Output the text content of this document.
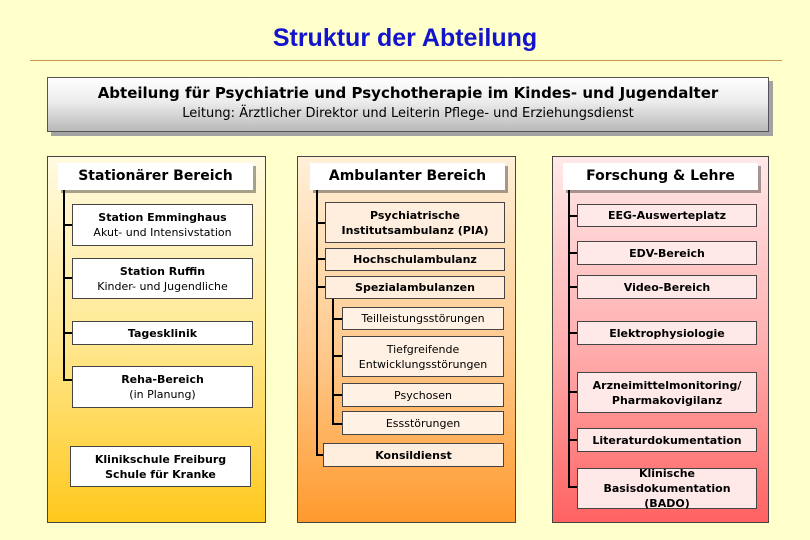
Struktur der Abteilung
Abteilung für Psychiatrie und Psychotherapie im Kindes- und Jugendalter
Leitung: Ärztlicher Direktor und Leiterin Pflege- und Erziehungsdienst
Stationärer Bereich
Station Emminghaus
Akut- und Intensivstation
Station Ruffin
Kinder- und Jugendliche
Tagesklinik
Reha-Bereich
(in Planung)
Klinikschule Freiburg
Schule für Kranke
Ambulanter Bereich
Psychiatrische
Institutsambulanz (PIA)
Hochschulambulanz
Spezialambulanzen
Teilleistungsstörungen
Tiefgreifende
Entwicklungsstörungen
Psychosen
Essstörungen
Konsildienst
Forschung & Lehre
EEG-Auswerteplatz
EDV-Bereich
Video-Bereich
Elektrophysiologie
Arzneimittelmonitoring/
Pharmakovigilanz
Literaturdokumentation
Klinische Basisdokumentation
(BADO)
